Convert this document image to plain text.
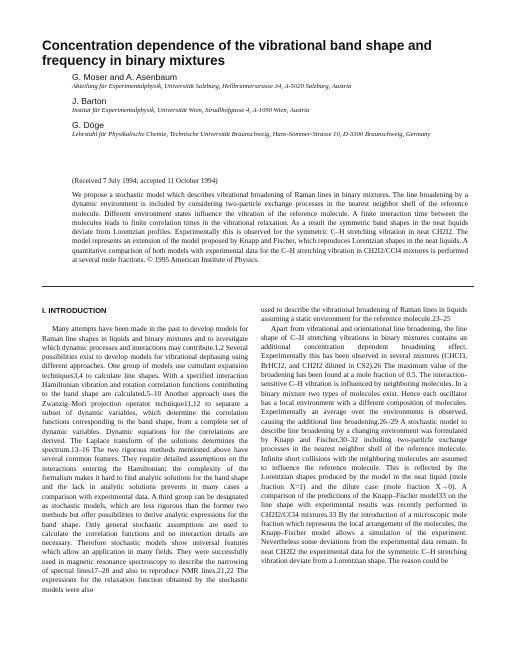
Concentration dependence of the vibrational band shape and frequency in binary mixtures
G. Moser and A. Asenbaum
Abteilung für Experimentalphysik, Universität Salzburg, Hellbrunnerstrasse 34, A-5020 Salzburg, Austria
J. Barton
Institut für Experimentalphysik, Universität Wien, Strudlhofgasse 4, A-1090 Wien, Austria
G. Döge
Lehrstuhl für Physikalische Chemie, Technische Universität Braunschweig, Hans-Sommer-Strasse 10, D-3300 Braunschweig, Germany
(Received 7 July 1994; accepted 11 October 1994)
We propose a stochastic model which describes vibrational broadening of Raman lines in binary mixtures. The line broadening by a dynamic environment is included by considering two-particle exchange processes in the nearest neighbor shell of the reference molecule. Different environment states influence the vibration of the reference molecule. A finite interaction time between the molecules leads to finite correlation times in the vibrational relaxation. As a result the symmetric band shapes in the neat liquids deviate from Lorentzian profiles. Experimentally this is observed for the symmetric C–H stretching vibration in neat CH2I2. The model represents an extension of the model proposed by Knapp and Fischer, which reproduces Lorentzian shapes in the neat liquids. A quantitative comparison of both models with experimental data for the C–H stretching vibration in CH2I2/CCl4 mixtures is performed at several mole fractions. © 1995 American Institute of Physics.
I. INTRODUCTION

Many attempts have been made in the past to develop models for Raman line shapes in liquids and binary mixtures and to investigate which dynamic processes and interactions may contribute.1,2 Several possibilities exist to develop models for vibrational dephasing using different approaches. One group of models use cumulant expansion techniques3,4 to calculate line shapes. With a specified interaction Hamiltonian vibration and rotation correlation functions contributing to the band shape are calculated.5–10 Another approach uses the Zwanzig–Mori projection operator technique11,12 to separate a subset of dynamic variables, which determine the correlation functions corresponding to the band shape, from a complete set of dynamic variables. Dynamic equations for the correlations are derived. The Laplace transform of the solutions determines the spectrum.13–16 The two rigorous methods mentioned above have several common features. They require detailed assumptions on the interactions entering the Hamiltonian; the complexity of the formalism makes it hard to find analytic solutions for the band shape and the lack in analytic solutions prevents in many cases a comparison with experimental data. A third group can be designated as stochastic models, which are less rigorous than the former two methods but offer possibilities to derive analytic expressions for the band shape. Only general stochastic assumptions are used to calculate the correlation functions and no interaction details are necessary. Therefore stochastic models show universal features which allow an application in many fields. They were successfully used in magnetic resonance spectroscopy to describe the narrowing of spectral lines17–20 and also to reproduce NMR lines.21,22 The expressions for the relaxation function obtained by the stochastic models were also

used to describe the vibrational broadening of Raman lines in liquids assuming a static environment for the reference molecule.23–25

Apart from vibrational and orientational line broadening, the line shape of C–H stretching vibrations in binary mixtures contains an additional concentration dependent broadening effect. Experimentally this has been observed in several mixtures (CHCl3, BrHCl2, and CH2I2 diluted in CS2).26 The maximum value of the broadening has been found at a mole fraction of 0.5. The interaction-sensitive C–H vibration is influenced by neighboring molecules. In a binary mixture two types of molecules exist. Hence each oscillator has a local environment with a different composition of molecules. Experimentally an average over the environments is observed, causing the additional line broadening.26–29 A stochastic model to describe line broadening by a changing environment was formulated by Knapp and Fischer,30–32 including two-particle exchange processes in the nearest neighbor shell of the reference molecule. Infinite short collisions with the neighboring molecules are assumed to influence the reference molecule. This is reflected by the Lorentzian shapes produced by the model in the neat liquid (mole fraction X=1) and the dilute case (mole fraction X→0). A comparison of the predictions of the Knapp–Fischer model33 on the line shape with experimental results was recently performed in CH2I2/CCl4 mixtures.33 By the introduction of a microscopic mole fraction which represents the local arrangement of the molecules, the Knapp–Fischer model allows a simulation of the experiment. Nevertheless some deviations from the experimental data remain. In neat CH2I2 the experimental data for the symmetric C–H stretching vibration deviate from a Lorentzian shape. The reason could be
